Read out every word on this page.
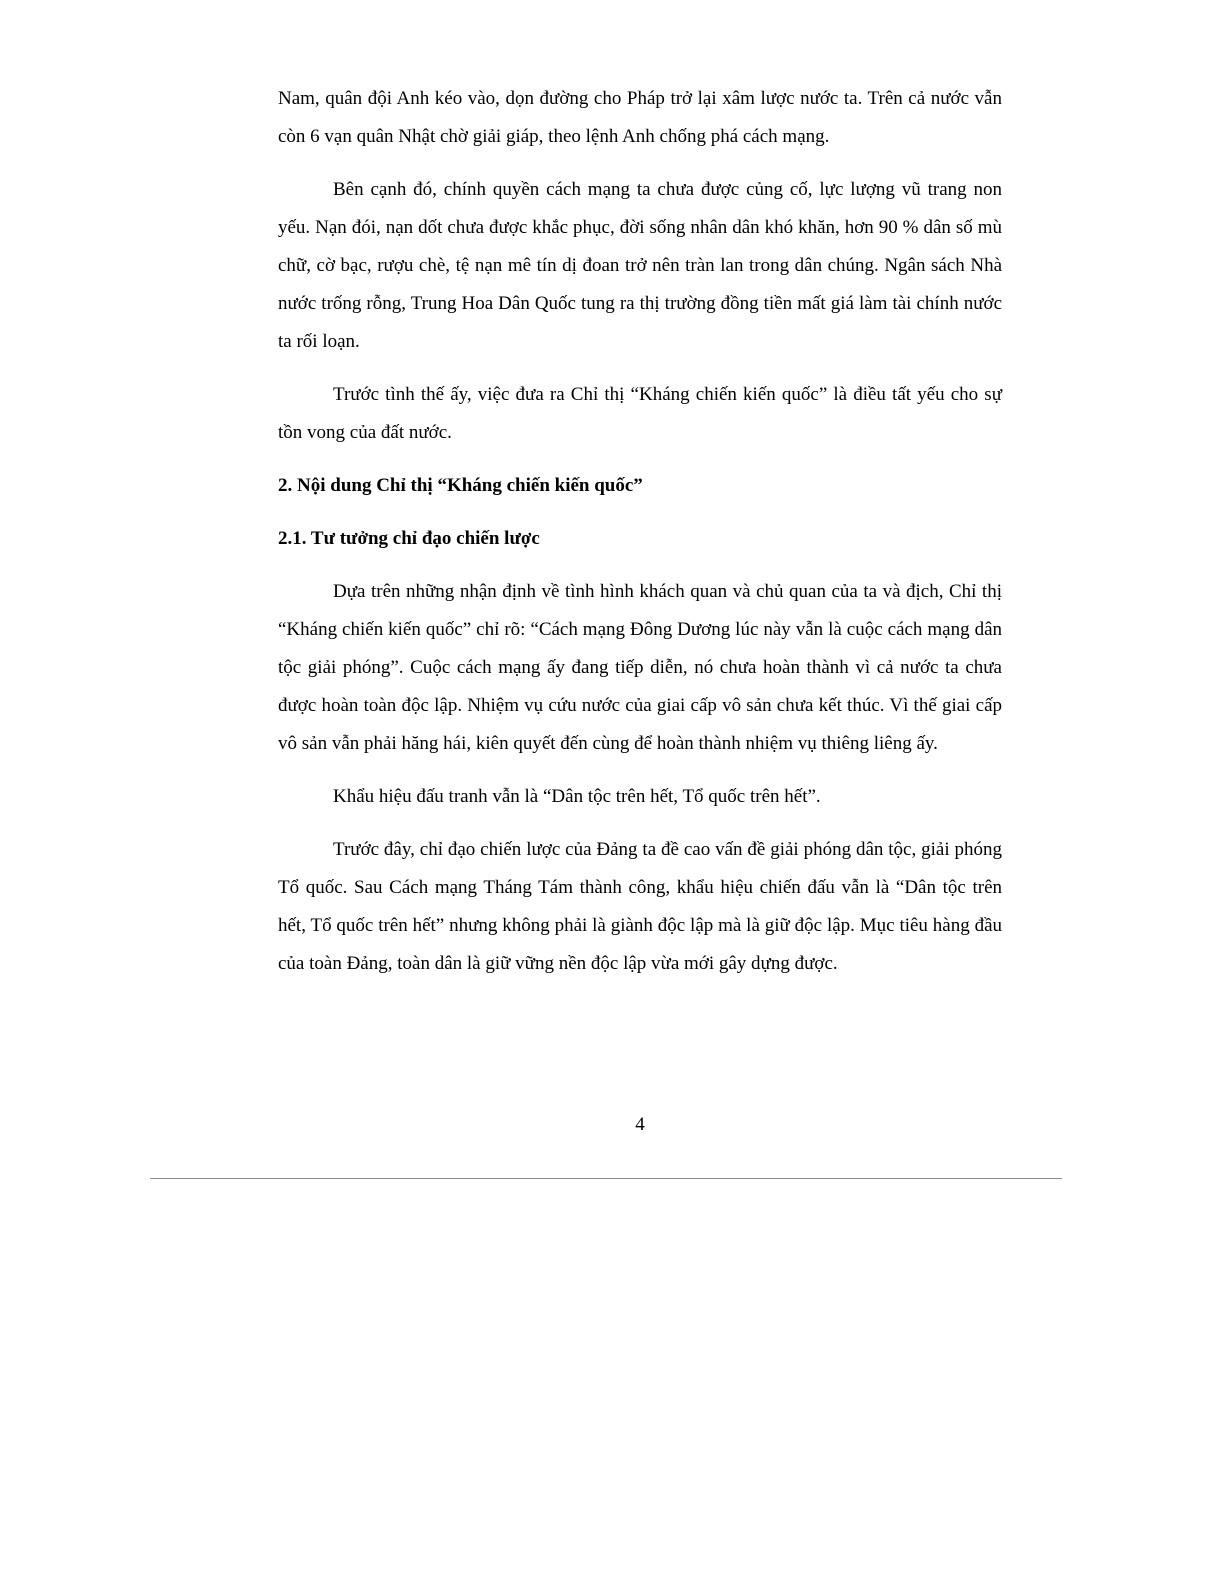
Nam, quân đội Anh kéo vào, dọn đường cho Pháp trở lại xâm lược nước ta. Trên cả nước vẫn còn 6 vạn quân Nhật chờ giải giáp, theo lệnh Anh chống phá cách mạng.

Bên cạnh đó, chính quyền cách mạng ta chưa được củng cố, lực lượng vũ trang non yếu. Nạn đói, nạn dốt chưa được khắc phục, đời sống nhân dân khó khăn, hơn 90 % dân số mù chữ, cờ bạc, rượu chè, tệ nạn mê tín dị đoan trở nên tràn lan trong dân chúng. Ngân sách Nhà nước trống rỗng, Trung Hoa Dân Quốc tung ra thị trường đồng tiền mất giá làm tài chính nước ta rối loạn.

Trước tình thế ấy, việc đưa ra Chỉ thị “Kháng chiến kiến quốc” là điều tất yếu cho sự tồn vong của đất nước.

2. Nội dung Chỉ thị “Kháng chiến kiến quốc”

2.1. Tư tưởng chỉ đạo chiến lược

Dựa trên những nhận định về tình hình khách quan và chủ quan của ta và địch, Chỉ thị “Kháng chiến kiến quốc” chỉ rõ: “Cách mạng Đông Dương lúc này vẫn là cuộc cách mạng dân tộc giải phóng”. Cuộc cách mạng ấy đang tiếp diễn, nó chưa hoàn thành vì cả nước ta chưa được hoàn toàn độc lập. Nhiệm vụ cứu nước của giai cấp vô sản chưa kết thúc. Vì thế giai cấp vô sản vẫn phải hăng hái, kiên quyết đến cùng để hoàn thành nhiệm vụ thiêng liêng ấy.

Khẩu hiệu đấu tranh vẫn là “Dân tộc trên hết, Tổ quốc trên hết”.

Trước đây, chỉ đạo chiến lược của Đảng ta đề cao vấn đề giải phóng dân tộc, giải phóng Tổ quốc. Sau Cách mạng Tháng Tám thành công, khẩu hiệu chiến đấu vẫn là “Dân tộc trên hết, Tổ quốc trên hết” nhưng không phải là giành độc lập mà là giữ độc lập. Mục tiêu hàng đầu của toàn Đảng, toàn dân là giữ vững nền độc lập vừa mới gây dựng được.

4
